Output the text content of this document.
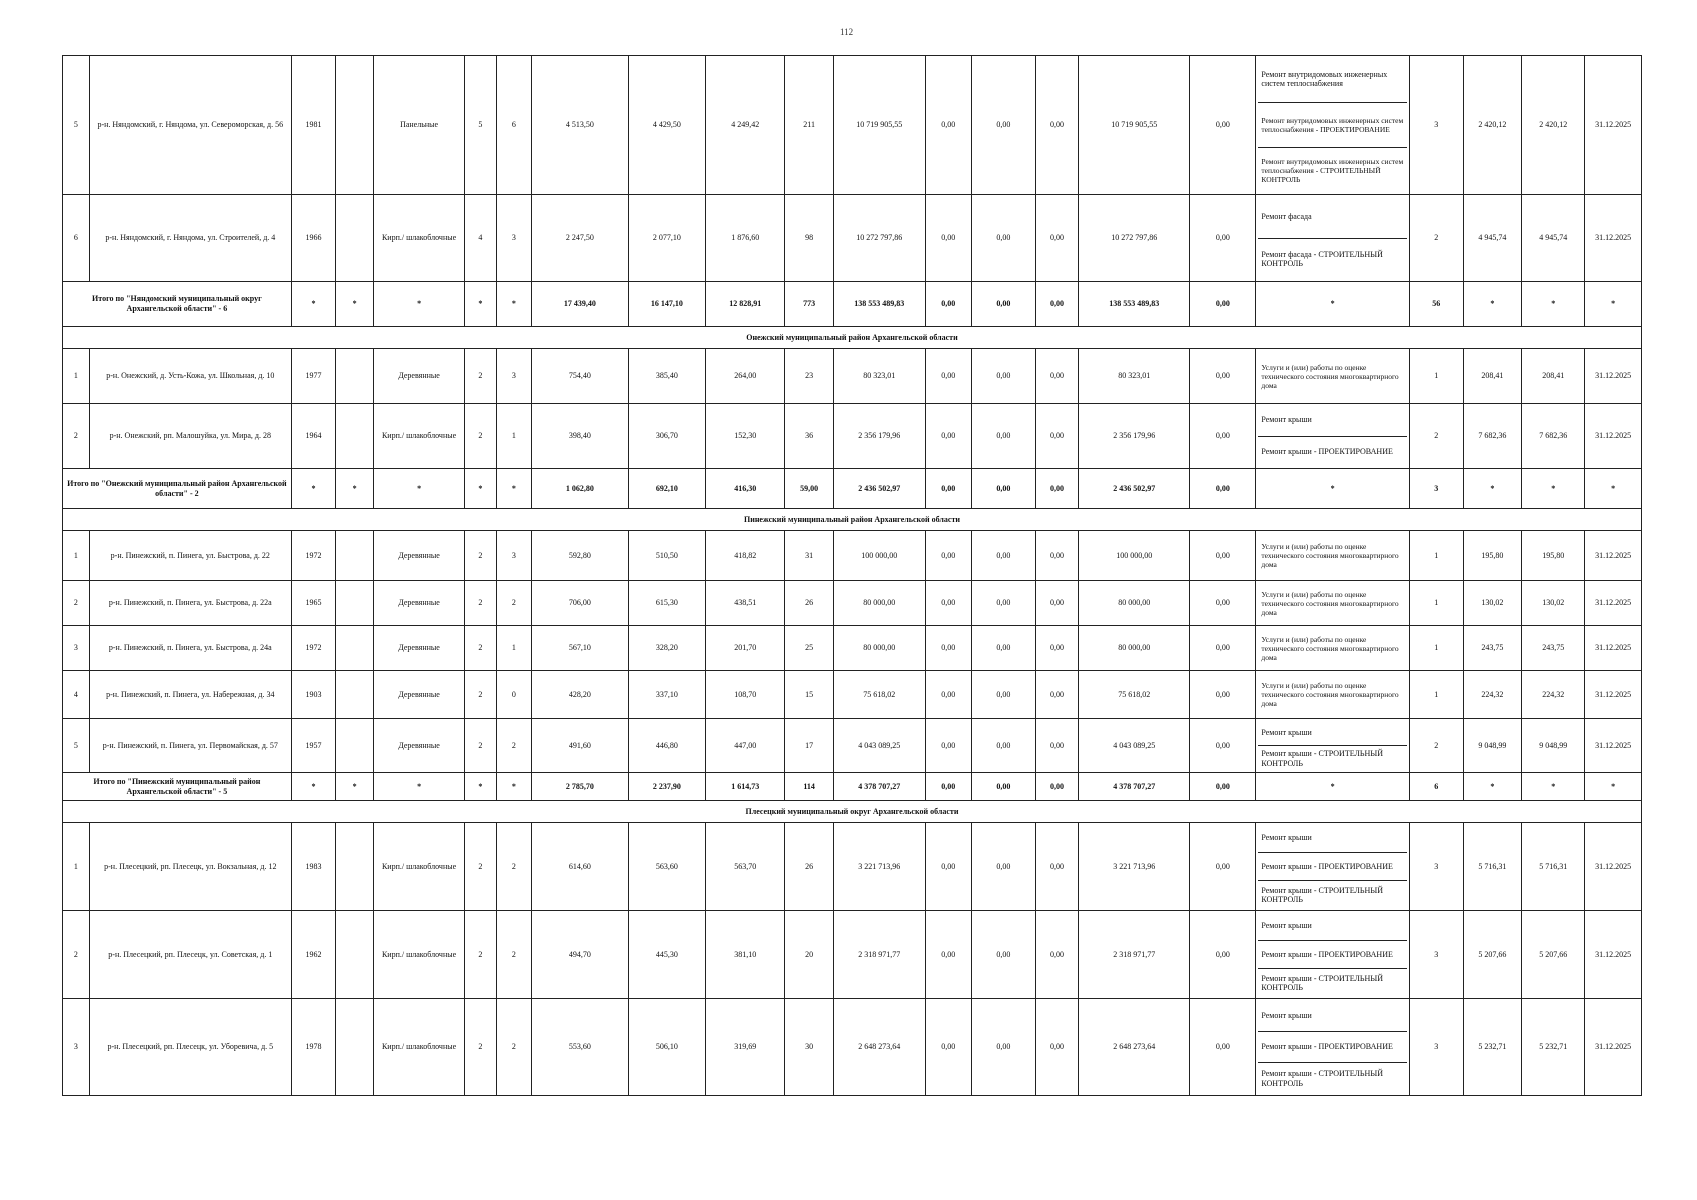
112
5	р-н. Няндомский, г. Няндома, ул. Североморская, д. 56	1981		Панельные	5	6	4 513,50	4 429,50	4 249,42	211	10 719 905,55	0,00	0,00	0,00	10 719 905,55	0,00	Ремонт внутридомовых инженерных систем теплоснабжения
Ремонт внутридомовых инженерных систем теплоснабжения - ПРОЕКТИРОВАНИЕ
Ремонт внутридомовых инженерных систем теплоснабжения - СТРОИТЕЛЬНЫЙ КОНТРОЛЬ	3	2 420,12	2 420,12	31.12.2025
6	р-н. Няндомский, г. Няндома, ул. Строителей, д. 4	1966		Кирп./ шлакоблочные	4	3	2 247,50	2 077,10	1 876,60	98	10 272 797,86	0,00	0,00	0,00	10 272 797,86	0,00	Ремонт фасада
Ремонт фасада - СТРОИТЕЛЬНЫЙ КОНТРОЛЬ	2	4 945,74	4 945,74	31.12.2025
Итого по "Няндомский муниципальный округ Архангельской области" - 6		*	*	*	*	*	17 439,40	16 147,10	12 828,91	773	138 553 489,83	0,00	0,00	0,00	138 553 489,83	0,00	*	56	*	*	*
Онежский муниципальный район Архангельской области																					
1	р-н. Онежский, д. Усть-Кожа, ул. Школьная, д. 10	1977		Деревянные	2	3	754,40	385,40	264,00	23	80 323,01	0,00	0,00	0,00	80 323,01	0,00	Услуги и (или) работы по оценке технического состояния многоквартирного дома	1	208,41	208,41	31.12.2025
2	р-н. Онежский, рп. Малошуйка, ул. Мира, д. 28	1964		Кирп./ шлакоблочные	2	1	398,40	306,70	152,30	36	2 356 179,96	0,00	0,00	0,00	2 356 179,96	0,00	Ремонт крыши
Ремонт крыши - ПРОЕКТИРОВАНИЕ	2	7 682,36	7 682,36	31.12.2025
Итого по "Онежский муниципальный район Архангельской области" - 2		*	*	*	*	*	1 062,80	692,10	416,30	59,00	2 436 502,97	0,00	0,00	0,00	2 436 502,97	0,00	*	3	*	*	*
Пинежский муниципальный район Архангельской области																					
1	р-н. Пинежский, п. Пинега, ул. Быстрова, д. 22	1972		Деревянные	2	3	592,80	510,50	418,82	31	100 000,00	0,00	0,00	0,00	100 000,00	0,00	Услуги и (или) работы по оценке технического состояния многоквартирного дома	1	195,80	195,80	31.12.2025
2	р-н. Пинежский, п. Пинега, ул. Быстрова, д. 22а	1965		Деревянные	2	2	706,00	615,30	438,51	26	80 000,00	0,00	0,00	0,00	80 000,00	0,00	Услуги и (или) работы по оценке технического состояния многоквартирного дома	1	130,02	130,02	31.12.2025
3	р-н. Пинежский, п. Пинега, ул. Быстрова, д. 24а	1972		Деревянные	2	1	567,10	328,20	201,70	25	80 000,00	0,00	0,00	0,00	80 000,00	0,00	Услуги и (или) работы по оценке технического состояния многоквартирного дома	1	243,75	243,75	31.12.2025
4	р-н. Пинежский, п. Пинега, ул. Набережная, д. 34	1903		Деревянные	2	0	428,20	337,10	108,70	15	75 618,02	0,00	0,00	0,00	75 618,02	0,00	Услуги и (или) работы по оценке технического состояния многоквартирного дома	1	224,32	224,32	31.12.2025
5	р-н. Пинежский, п. Пинега, ул. Первомайская, д. 57	1957		Деревянные	2	2	491,60	446,80	447,00	17	4 043 089,25	0,00	0,00	0,00	4 043 089,25	0,00	Ремонт крыши
Ремонт крыши - СТРОИТЕЛЬНЫЙ КОНТРОЛЬ	2	9 048,99	9 048,99	31.12.2025
Итого по "Пинежский муниципальный район Архангельской области" - 5		*	*	*	*	*	2 785,70	2 237,90	1 614,73	114	4 378 707,27	0,00	0,00	0,00	4 378 707,27	0,00	*	6	*	*	*
Плесецкий муниципальный округ Архангельской области																					
1	р-н. Плесецкий, рп. Плесецк, ул. Вокзальная, д. 12	1983		Кирп./ шлакоблочные	2	2	614,60	563,60	563,70	26	3 221 713,96	0,00	0,00	0,00	3 221 713,96	0,00	Ремонт крыши
Ремонт крыши - ПРОЕКТИРОВАНИЕ
Ремонт крыши - СТРОИТЕЛЬНЫЙ КОНТРОЛЬ	3	5 716,31	5 716,31	31.12.2025
2	р-н. Плесецкий, рп. Плесецк, ул. Советская, д. 1	1962		Кирп./ шлакоблочные	2	2	494,70	445,30	381,10	20	2 318 971,77	0,00	0,00	0,00	2 318 971,77	0,00	Ремонт крыши
Ремонт крыши - ПРОЕКТИРОВАНИЕ
Ремонт крыши - СТРОИТЕЛЬНЫЙ КОНТРОЛЬ	3	5 207,66	5 207,66	31.12.2025
3	р-н. Плесецкий, рп. Плесецк, ул. Уборевича, д. 5	1978		Кирп./ шлакоблочные	2	2	553,60	506,10	319,69	30	2 648 273,64	0,00	0,00	0,00	2 648 273,64	0,00	Ремонт крыши
Ремонт крыши - ПРОЕКТИРОВАНИЕ
Ремонт крыши - СТРОИТЕЛЬНЫЙ КОНТРОЛЬ	3	5 232,71	5 232,71	31.12.2025
